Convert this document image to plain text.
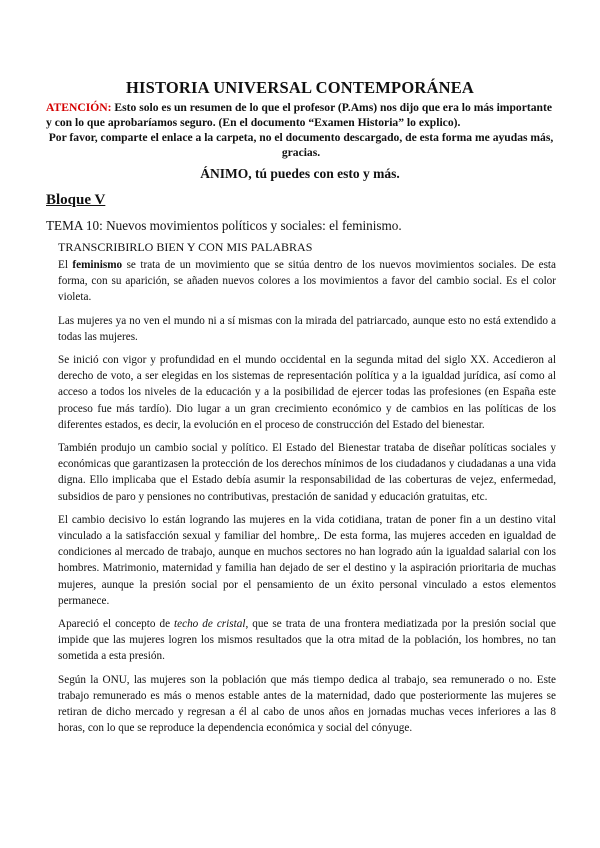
HISTORIA UNIVERSAL CONTEMPORÁNEA
ATENCIÓN: Esto solo es un resumen de lo que el profesor (P.Ams) nos dijo que era lo más importante y con lo que aprobaríamos seguro. (En el documento “Examen Historia” lo explico).
Por favor, comparte el enlace a la carpeta, no el documento descargado, de esta forma me ayudas más, gracias.
ÁNIMO, tú puedes con esto y más.
Bloque V
TEMA 10: Nuevos movimientos políticos y sociales: el feminismo.
TRANSCRIBIRLO BIEN Y CON MIS PALABRAS

El feminismo se trata de un movimiento que se sitúa dentro de los nuevos movimientos sociales. De esta forma, con su aparición, se añaden nuevos colores a los movimientos a favor del cambio social. Es el color violeta.

Las mujeres ya no ven el mundo ni a sí mismas con la mirada del patriarcado, aunque esto no está extendido a todas las mujeres.

Se inició con vigor y profundidad en el mundo occidental en la segunda mitad del siglo XX. Accedieron al derecho de voto, a ser elegidas en los sistemas de representación política y a la igualdad jurídica, así como al acceso a todos los niveles de la educación y a la posibilidad de ejercer todas las profesiones (en España este proceso fue más tardío). Dio lugar a un gran crecimiento económico y de cambios en las políticas de los diferentes estados, es decir, la evolución en el proceso de construcción del Estado del bienestar.

También produjo un cambio social y político. El Estado del Bienestar trataba de diseñar políticas sociales y económicas que garantizasen la protección de los derechos mínimos de los ciudadanos y ciudadanas a una vida digna. Ello implicaba que el Estado debía asumir la responsabilidad de las coberturas de vejez, enfermedad, subsidios de paro y pensiones no contributivas, prestación de sanidad y educación gratuitas, etc.

El cambio decisivo lo están logrando las mujeres en la vida cotidiana, tratan de poner fin a un destino vital vinculado a la satisfacción sexual y familiar del hombre,. De esta forma, las mujeres acceden en igualdad de condiciones al mercado de trabajo, aunque en muchos sectores no han logrado aún la igualdad salarial con los hombres. Matrimonio, maternidad y familia han dejado de ser el destino y la aspiración prioritaria de muchas mujeres, aunque la presión social por el pensamiento de un éxito personal vinculado a estos elementos permanece.

Apareció el concepto de techo de cristal, que se trata de una frontera mediatizada por la presión social que impide que las mujeres logren los mismos resultados que la otra mitad de la población, los hombres, no tan sometida a esta presión.

Según la ONU, las mujeres son la población que más tiempo dedica al trabajo, sea remunerado o no. Este trabajo remunerado es más o menos estable antes de la maternidad, dado que posteriormente las mujeres se retiran de dicho mercado y regresan a él al cabo de unos años en jornadas muchas veces inferiores a las 8 horas, con lo que se reproduce la dependencia económica y social del cónyuge.
